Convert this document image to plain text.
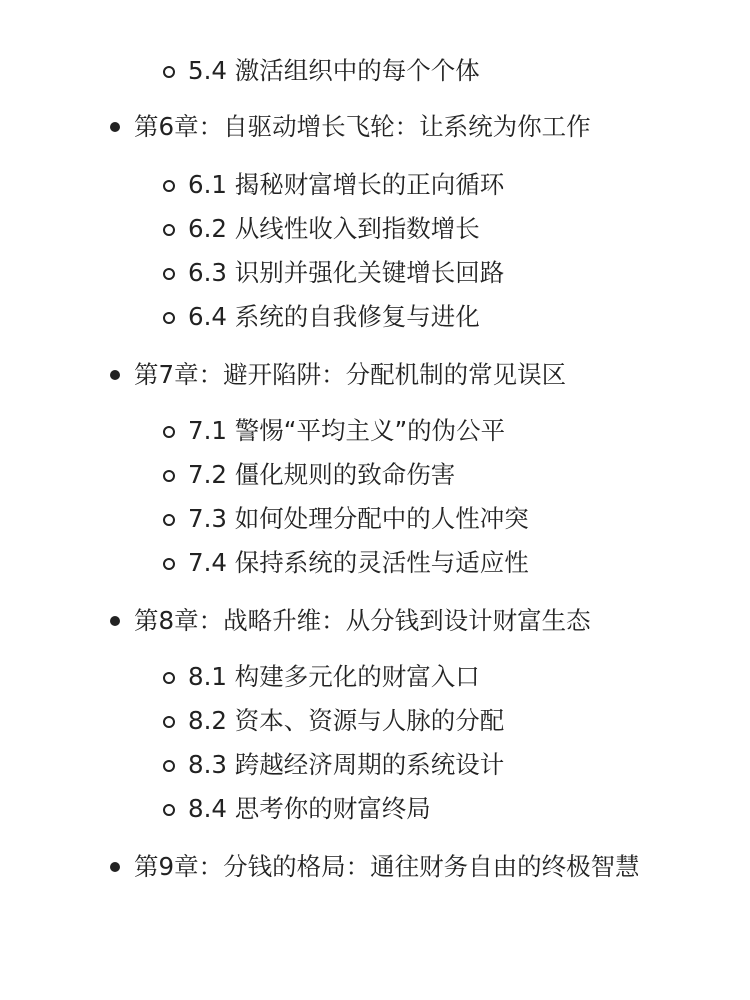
5.4 激活组织中的每个个体
第6章：自驱动增长飞轮：让系统为你工作
6.1 揭秘财富增长的正向循环
6.2 从线性收入到指数增长
6.3 识别并强化关键增长回路
6.4 系统的自我修复与进化
第7章：避开陷阱：分配机制的常见误区
7.1 警惕“平均主义”的伪公平
7.2 僵化规则的致命伤害
7.3 如何处理分配中的人性冲突
7.4 保持系统的灵活性与适应性
第8章：战略升维：从分钱到设计财富生态
8.1 构建多元化的财富入口
8.2 资本、资源与人脉的分配
8.3 跨越经济周期的系统设计
8.4 思考你的财富终局
第9章：分钱的格局：通往财务自由的终极智慧
